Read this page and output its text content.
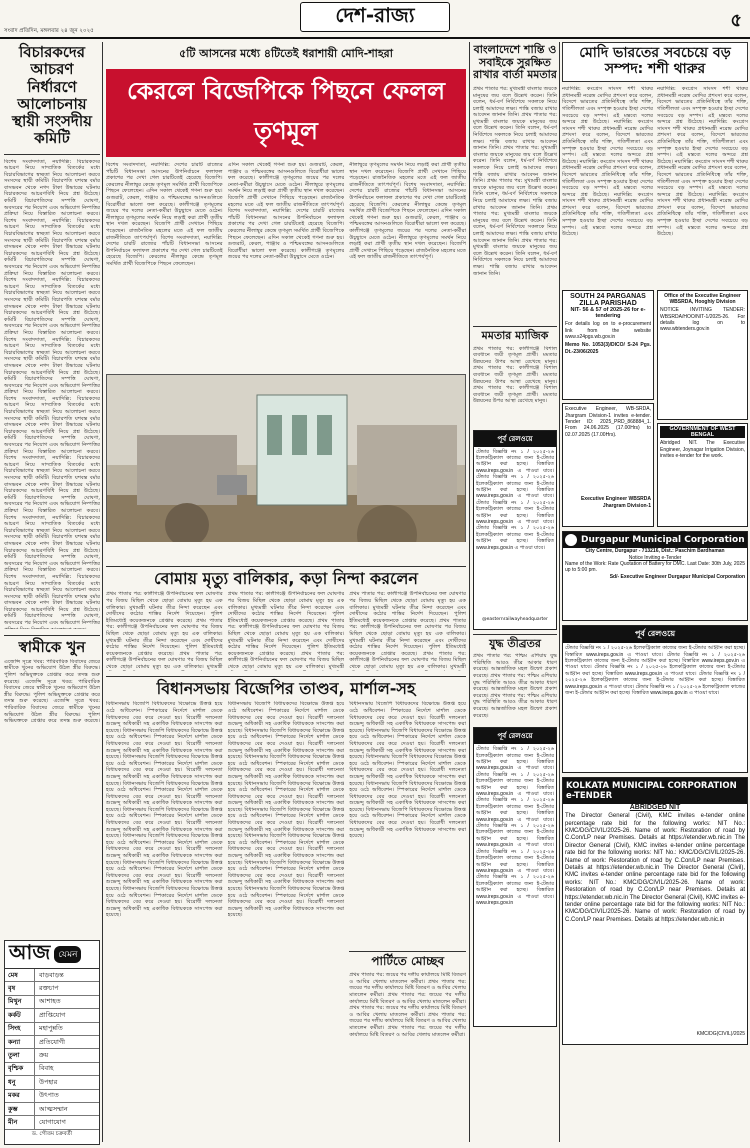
সংবাদ প্রতিদিন, মঙ্গলবার ২৪ জুন ২০২৫
দেশ-রাজ্য	৫
বিচারকদের আচরণ নির্ধারণে আলোচনায় স্থায়ী সংসদীয় কমিটি
বিশেষ সংবাদদাতা, নয়াদিল্লি: বিচারকদের আচরণ নিয়ে সাম্প্রতিক বিতর্কের মধ্যে বিচারবিভাগের স্বচ্ছতা নিয়ে আলোচনা করবে সংসদের স্থায়ী কমিটি। বিচারপতি যশবন্ত বর্মার বাসভবন থেকে নগদ টাকা উদ্ধারের ঘটনায় বিচারকদের আচরণবিধি নিয়ে প্রশ্ন উঠেছে। কমিটি বিচারপতিদের সম্পত্তি ঘোষণা, অবসরের পর নিয়োগ এবং অভিযোগ নিষ্পত্তির প্রক্রিয়া নিয়ে বিস্তারিত আলোচনা করবে। বিশেষ সংবাদদাতা, নয়াদিল্লি: বিচারকদের আচরণ নিয়ে সাম্প্রতিক বিতর্কের মধ্যে বিচারবিভাগের স্বচ্ছতা নিয়ে আলোচনা করবে সংসদের স্থায়ী কমিটি। বিচারপতি যশবন্ত বর্মার বাসভবন থেকে নগদ টাকা উদ্ধারের ঘটনায় বিচারকদের আচরণবিধি নিয়ে প্রশ্ন উঠেছে। কমিটি বিচারপতিদের সম্পত্তি ঘোষণা, অবসরের পর নিয়োগ এবং অভিযোগ নিষ্পত্তির প্রক্রিয়া নিয়ে বিস্তারিত আলোচনা করবে। বিশেষ সংবাদদাতা, নয়াদিল্লি: বিচারকদের আচরণ নিয়ে সাম্প্রতিক বিতর্কের মধ্যে বিচারবিভাগের স্বচ্ছতা নিয়ে আলোচনা করবে সংসদের স্থায়ী কমিটি। বিচারপতি যশবন্ত বর্মার বাসভবন থেকে নগদ টাকা উদ্ধারের ঘটনায় বিচারকদের আচরণবিধি নিয়ে প্রশ্ন উঠেছে। কমিটি বিচারপতিদের সম্পত্তি ঘোষণা, অবসরের পর নিয়োগ এবং অভিযোগ নিষ্পত্তির প্রক্রিয়া নিয়ে বিস্তারিত আলোচনা করবে। বিশেষ সংবাদদাতা, নয়াদিল্লি: বিচারকদের আচরণ নিয়ে সাম্প্রতিক বিতর্কের মধ্যে বিচারবিভাগের স্বচ্ছতা নিয়ে আলোচনা করবে সংসদের স্থায়ী কমিটি। বিচারপতি যশবন্ত বর্মার বাসভবন থেকে নগদ টাকা উদ্ধারের ঘটনায় বিচারকদের আচরণবিধি নিয়ে প্রশ্ন উঠেছে। কমিটি বিচারপতিদের সম্পত্তি ঘোষণা, অবসরের পর নিয়োগ এবং অভিযোগ নিষ্পত্তির প্রক্রিয়া নিয়ে বিস্তারিত আলোচনা করবে। বিশেষ সংবাদদাতা, নয়াদিল্লি: বিচারকদের আচরণ নিয়ে সাম্প্রতিক বিতর্কের মধ্যে বিচারবিভাগের স্বচ্ছতা নিয়ে আলোচনা করবে সংসদের স্থায়ী কমিটি। বিচারপতি যশবন্ত বর্মার বাসভবন থেকে নগদ টাকা উদ্ধারের ঘটনায় বিচারকদের আচরণবিধি নিয়ে প্রশ্ন উঠেছে। কমিটি বিচারপতিদের সম্পত্তি ঘোষণা, অবসরের পর নিয়োগ এবং অভিযোগ নিষ্পত্তির প্রক্রিয়া নিয়ে বিস্তারিত আলোচনা করবে। বিশেষ সংবাদদাতা, নয়াদিল্লি: বিচারকদের আচরণ নিয়ে সাম্প্রতিক বিতর্কের মধ্যে বিচারবিভাগের স্বচ্ছতা নিয়ে আলোচনা করবে সংসদের স্থায়ী কমিটি। বিচারপতি যশবন্ত বর্মার বাসভবন থেকে নগদ টাকা উদ্ধারের ঘটনায় বিচারকদের আচরণবিধি নিয়ে প্রশ্ন উঠেছে। কমিটি বিচারপতিদের সম্পত্তি ঘোষণা, অবসরের পর নিয়োগ এবং অভিযোগ নিষ্পত্তির প্রক্রিয়া নিয়ে বিস্তারিত আলোচনা করবে। বিশেষ সংবাদদাতা, নয়াদিল্লি: বিচারকদের আচরণ নিয়ে সাম্প্রতিক বিতর্কের মধ্যে বিচারবিভাগের স্বচ্ছতা নিয়ে আলোচনা করবে সংসদের স্থায়ী কমিটি। বিচারপতি যশবন্ত বর্মার বাসভবন থেকে নগদ টাকা উদ্ধারের ঘটনায় বিচারকদের আচরণবিধি নিয়ে প্রশ্ন উঠেছে। কমিটি বিচারপতিদের সম্পত্তি ঘোষণা, অবসরের পর নিয়োগ এবং অভিযোগ নিষ্পত্তির প্রক্রিয়া নিয়ে বিস্তারিত আলোচনা করবে। বিশেষ সংবাদদাতা, নয়াদিল্লি: বিচারকদের আচরণ নিয়ে সাম্প্রতিক বিতর্কের মধ্যে বিচারবিভাগের স্বচ্ছতা নিয়ে আলোচনা করবে সংসদের স্থায়ী কমিটি। বিচারপতি যশবন্ত বর্মার বাসভবন থেকে নগদ টাকা উদ্ধারের ঘটনায় বিচারকদের আচরণবিধি নিয়ে প্রশ্ন উঠেছে। কমিটি বিচারপতিদের সম্পত্তি ঘোষণা, অবসরের পর নিয়োগ এবং অভিযোগ নিষ্পত্তির
স্বামীকে খুন
এজেন্সি সূত্রে খবর: পারিবারিক বিবাদের জেরে স্বামীকে খুনের অভিযোগ উঠল স্ত্রীর বিরুদ্ধে। পুলিশ অভিযুক্তকে গ্রেপ্তার করে তদন্ত শুরু করেছে। এজেন্সি সূত্রে খবর: পারিবারিক বিবাদের জেরে স্বামীকে খুনের অভিযোগ উঠল স্ত্রীর বিরুদ্ধে। পুলিশ অভিযুক্তকে গ্রেপ্তার করে তদন্ত শুরু করেছে। এজেন্সি সূত্রে খবর: পারিবারিক বিবাদের জেরে স্বামীকে খুনের অভিযোগ উঠল স্ত্রীর বিরুদ্ধে। পুলিশ অভিযুক্তকে গ্রেপ্তার করে তদন্ত শুরু করেছে।
আজ যেমন
মেষ	বাড়বাড়ন্ত
বৃষ	রক্তচাপ
মিথুন	আশাহত
কর্কট	প্রাপ্তিযোগ
সিংহ	মহাপুন্নতি
কন্যা	প্রতিযোগী
তুলা	ক্রয়
বৃশ্চিক	বিবাহ
ধনু	উপহার
মকর	উৎপাত
কুম্ভ	আত্মসম্মান
মীন	যোগাযোগ
ড. গৌতম চক্রবর্তী
৫টি আসনের মধ্যে ৪টিতেই ধরাশায়ী মোদি-শাহরা
কেরলে বিজেপিকে পিছনে ফেলল তৃণমূল
বিশেষ সংবাদদাতা, নয়াদিল্লি: দেশের চারটি রাজ্যের পাঁচটি বিধানসভা আসনের উপনির্বাচনে ফলাফল প্রকাশের পর দেখা গেল চারটিতেই হেরেছে বিজেপি। কেরলের নীলাম্বুর কেন্দ্রে তৃণমূল সমর্থিত প্রার্থী বিজেপিকে পিছনে ফেলেছেন। এদিন সকাল থেকেই গণনা শুরু হয়। গুজরাট, কেরল, পাঞ্জাব ও পশ্চিমবঙ্গের আসনগুলিতে বিরোধীরা ভালো ফল করেছে। কালীগঞ্জে তৃণমূলের জয়ের পর দলের নেতা-কর্মীরা উচ্ছ্বাসে মেতে ওঠেন। নীলাম্বুরে তৃণমূলের সমর্থন নিয়ে লড়াই করা প্রার্থী তৃতীয় স্থান দখল করেছেন। বিজেপি প্রার্থী সেখানে পিছিয়ে পড়েছেন। রাজনৈতিক মহলের মতে এই ফল জাতীয় রাজনীতিতে তাৎপর্যপূর্ণ। বিশেষ সংবাদদাতা, নয়াদিল্লি: দেশের চারটি রাজ্যের পাঁচটি বিধানসভা আসনের উপনির্বাচনে ফলাফল প্রকাশের পর দেখা গেল চারটিতেই হেরেছে বিজেপি। কেরলের নীলাম্বুর কেন্দ্রে তৃণমূল সমর্থিত প্রার্থী বিজেপিকে পিছনে ফেলেছেন।
এদিন সকাল থেকেই গণনা শুরু হয়। গুজরাট, কেরল, পাঞ্জাব ও পশ্চিমবঙ্গের আসনগুলিতে বিরোধীরা ভালো ফল করেছে। কালীগঞ্জে তৃণমূলের জয়ের পর দলের নেতা-কর্মীরা উচ্ছ্বাসে মেতে ওঠেন। নীলাম্বুরে তৃণমূলের সমর্থন নিয়ে লড়াই করা প্রার্থী তৃতীয় স্থান দখল করেছেন। বিজেপি প্রার্থী সেখানে পিছিয়ে পড়েছেন। রাজনৈতিক মহলের মতে এই ফল জাতীয় রাজনীতিতে তাৎপর্যপূর্ণ। বিশেষ সংবাদদাতা, নয়াদিল্লি: দেশের চারটি রাজ্যের পাঁচটি বিধানসভা আসনের উপনির্বাচনে ফলাফল প্রকাশের পর দেখা গেল চারটিতেই হেরেছে বিজেপি। কেরলের নীলাম্বুর কেন্দ্রে তৃণমূল সমর্থিত প্রার্থী বিজেপিকে পিছনে ফেলেছেন। এদিন সকাল থেকেই গণনা শুরু হয়। গুজরাট, কেরল, পাঞ্জাব ও পশ্চিমবঙ্গের আসনগুলিতে বিরোধীরা ভালো ফল করেছে। কালীগঞ্জে তৃণমূলের জয়ের পর দলের নেতা-কর্মীরা উচ্ছ্বাসে মেতে ওঠেন।
নীলাম্বুরে তৃণমূলের সমর্থন নিয়ে লড়াই করা প্রার্থী তৃতীয় স্থান দখল করেছেন। বিজেপি প্রার্থী সেখানে পিছিয়ে পড়েছেন। রাজনৈতিক মহলের মতে এই ফল জাতীয় রাজনীতিতে তাৎপর্যপূর্ণ। বিশেষ সংবাদদাতা, নয়াদিল্লি: দেশের চারটি রাজ্যের পাঁচটি বিধানসভা আসনের উপনির্বাচনে ফলাফল প্রকাশের পর দেখা গেল চারটিতেই হেরেছে বিজেপি। কেরলের নীলাম্বুর কেন্দ্রে তৃণমূল সমর্থিত প্রার্থী বিজেপিকে পিছনে ফেলেছেন। এদিন সকাল থেকেই গণনা শুরু হয়। গুজরাট, কেরল, পাঞ্জাব ও পশ্চিমবঙ্গের আসনগুলিতে বিরোধীরা ভালো ফল করেছে। কালীগঞ্জে তৃণমূলের জয়ের পর দলের নেতা-কর্মীরা উচ্ছ্বাসে মেতে ওঠেন। নীলাম্বুরে তৃণমূলের সমর্থন নিয়ে লড়াই করা প্রার্থী তৃতীয় স্থান দখল করেছেন। বিজেপি প্রার্থী সেখানে পিছিয়ে পড়েছেন। রাজনৈতিক মহলের মতে এই ফল জাতীয় রাজনীতিতে তাৎপর্যপূর্ণ।
বোমায় মৃত্যু বালিকার, কড়া নিন্দা করলেন
প্রথম পাতার পর: কালীগঞ্জে উপনির্বাচনের ফল ঘোষণার পর বিজয় মিছিল থেকে ছোড়া বোমায় মৃত্যু হয় এক বালিকার। মুখ্যমন্ত্রী ঘটনার তীব্র নিন্দা করেছেন এবং দোষীদের কঠোর শাস্তির নির্দেশ দিয়েছেন। পুলিশ ইতিমধ্যেই কয়েকজনকে গ্রেপ্তার করেছে। প্রথম পাতার পর: কালীগঞ্জে উপনির্বাচনের ফল ঘোষণার পর বিজয় মিছিল থেকে ছোড়া বোমায় মৃত্যু হয় এক বালিকার। মুখ্যমন্ত্রী ঘটনার তীব্র নিন্দা করেছেন এবং দোষীদের কঠোর শাস্তির নির্দেশ দিয়েছেন। পুলিশ ইতিমধ্যেই কয়েকজনকে গ্রেপ্তার করেছে। প্রথম পাতার পর: কালীগঞ্জে উপনির্বাচনের ফল ঘোষণার পর বিজয় মিছিল থেকে ছোড়া বোমায় মৃত্যু হয় এক বালিকার। মুখ্যমন্ত্রী
প্রথম পাতার পর: কালীগঞ্জে উপনির্বাচনের ফল ঘোষণার পর বিজয় মিছিল থেকে ছোড়া বোমায় মৃত্যু হয় এক বালিকার। মুখ্যমন্ত্রী ঘটনার তীব্র নিন্দা করেছেন এবং দোষীদের কঠোর শাস্তির নির্দেশ দিয়েছেন। পুলিশ ইতিমধ্যেই কয়েকজনকে গ্রেপ্তার করেছে। প্রথম পাতার পর: কালীগঞ্জে উপনির্বাচনের ফল ঘোষণার পর বিজয় মিছিল থেকে ছোড়া বোমায় মৃত্যু হয় এক বালিকার। মুখ্যমন্ত্রী ঘটনার তীব্র নিন্দা করেছেন এবং দোষীদের কঠোর শাস্তির নির্দেশ দিয়েছেন। পুলিশ ইতিমধ্যেই কয়েকজনকে গ্রেপ্তার করেছে। প্রথম পাতার পর: কালীগঞ্জে উপনির্বাচনের ফল ঘোষণার পর বিজয় মিছিল থেকে ছোড়া বোমায় মৃত্যু হয় এক বালিকার। মুখ্যমন্ত্রী
প্রথম পাতার পর: কালীগঞ্জে উপনির্বাচনের ফল ঘোষণার পর বিজয় মিছিল থেকে ছোড়া বোমায় মৃত্যু হয় এক বালিকার। মুখ্যমন্ত্রী ঘটনার তীব্র নিন্দা করেছেন এবং দোষীদের কঠোর শাস্তির নির্দেশ দিয়েছেন। পুলিশ ইতিমধ্যেই কয়েকজনকে গ্রেপ্তার করেছে। প্রথম পাতার পর: কালীগঞ্জে উপনির্বাচনের ফল ঘোষণার পর বিজয় মিছিল থেকে ছোড়া বোমায় মৃত্যু হয় এক বালিকার। মুখ্যমন্ত্রী ঘটনার তীব্র নিন্দা করেছেন এবং দোষীদের কঠোর শাস্তির নির্দেশ দিয়েছেন। পুলিশ ইতিমধ্যেই কয়েকজনকে গ্রেপ্তার করেছে। প্রথম পাতার পর: কালীগঞ্জে উপনির্বাচনের ফল ঘোষণার পর বিজয় মিছিল থেকে ছোড়া বোমায় মৃত্যু হয় এক বালিকার। মুখ্যমন্ত্রী
বিধানসভায় বিজেপির তাণ্ডব, মার্শাল-সহ
বিধানসভায় বিজেপি বিধায়কদের বিক্ষোভে উত্তপ্ত হয়ে ওঠে অধিবেশন। স্পিকারের নির্দেশে মার্শাল ডেকে বিধায়কদের বের করে দেওয়া হয়। বিরোধী দলনেতা শুভেন্দু অধিকারী সহ একাধিক বিধায়ককে সাসপেন্ড করা হয়েছে। বিধানসভায় বিজেপি বিধায়কদের বিক্ষোভে উত্তপ্ত হয়ে ওঠে অধিবেশন। স্পিকারের নির্দেশে মার্শাল ডেকে বিধায়কদের বের করে দেওয়া হয়। বিরোধী দলনেতা শুভেন্দু অধিকারী সহ একাধিক বিধায়ককে সাসপেন্ড করা হয়েছে। বিধানসভায় বিজেপি বিধায়কদের বিক্ষোভে উত্তপ্ত হয়ে ওঠে অধিবেশন। স্পিকারের নির্দেশে মার্শাল ডেকে বিধায়কদের বের করে দেওয়া হয়। বিরোধী দলনেতা শুভেন্দু অধিকারী সহ একাধিক বিধায়ককে সাসপেন্ড করা হয়েছে। বিধানসভায় বিজেপি বিধায়কদের বিক্ষোভে উত্তপ্ত হয়ে ওঠে অধিবেশন। স্পিকারের নির্দেশে মার্শাল ডেকে বিধায়কদের বের করে দেওয়া হয়। বিরোধী দলনেতা শুভেন্দু অধিকারী সহ একাধিক বিধায়ককে সাসপেন্ড করা হয়েছে। বিধানসভায় বিজেপি বিধায়কদের বিক্ষোভে উত্তপ্ত হয়ে ওঠে অধিবেশন। স্পিকারের নির্দেশে মার্শাল ডেকে বিধায়কদের বের করে দেওয়া হয়। বিরোধী দলনেতা শুভেন্দু অধিকারী সহ একাধিক বিধায়ককে সাসপেন্ড করা হয়েছে। বিধানসভায় বিজেপি বিধায়কদের বিক্ষোভে উত্তপ্ত হয়ে ওঠে অধিবেশন। স্পিকারের নির্দেশে মার্শাল ডেকে বিধায়কদের বের করে দেওয়া হয়। বিরোধী দলনেতা শুভেন্দু অধিকারী সহ একাধিক বিধায়ককে সাসপেন্ড করা হয়েছে। বিধানসভায় বিজেপি বিধায়কদের বিক্ষোভে উত্তপ্ত হয়ে ওঠে অধিবেশন। স্পিকারের নির্দেশে মার্শাল ডেকে বিধায়কদের বের করে দেওয়া হয়। বিরোধী দলনেতা শুভেন্দু অধিকারী সহ একাধিক বিধায়ককে সাসপেন্ড করা হয়েছে। বিধানসভায় বিজেপি বিধায়কদের বিক্ষোভে উত্তপ্ত হয়ে ওঠে অধিবেশন। স্পিকারের নির্দেশে মার্শাল ডেকে বিধায়কদের বের করে দেওয়া হয়। বিরোধী দলনেতা শুভেন্দু অধিকারী সহ একাধিক বিধায়ককে সাসপেন্ড করা হয়েছে।
বিধানসভায় বিজেপি বিধায়কদের বিক্ষোভে উত্তপ্ত হয়ে ওঠে অধিবেশন। স্পিকারের নির্দেশে মার্শাল ডেকে বিধায়কদের বের করে দেওয়া হয়। বিরোধী দলনেতা শুভেন্দু অধিকারী সহ একাধিক বিধায়ককে সাসপেন্ড করা হয়েছে। বিধানসভায় বিজেপি বিধায়কদের বিক্ষোভে উত্তপ্ত হয়ে ওঠে অধিবেশন। স্পিকারের নির্দেশে মার্শাল ডেকে বিধায়কদের বের করে দেওয়া হয়। বিরোধী দলনেতা শুভেন্দু অধিকারী সহ একাধিক বিধায়ককে সাসপেন্ড করা হয়েছে। বিধানসভায় বিজেপি বিধায়কদের বিক্ষোভে উত্তপ্ত হয়ে ওঠে অধিবেশন। স্পিকারের নির্দেশে মার্শাল ডেকে বিধায়কদের বের করে দেওয়া হয়। বিরোধী দলনেতা শুভেন্দু অধিকারী সহ একাধিক বিধায়ককে সাসপেন্ড করা হয়েছে। বিধানসভায় বিজেপি বিধায়কদের বিক্ষোভে উত্তপ্ত হয়ে ওঠে অধিবেশন। স্পিকারের নির্দেশে মার্শাল ডেকে বিধায়কদের বের করে দেওয়া হয়। বিরোধী দলনেতা শুভেন্দু অধিকারী সহ একাধিক বিধায়ককে সাসপেন্ড করা হয়েছে। বিধানসভায় বিজেপি বিধায়কদের বিক্ষোভে উত্তপ্ত হয়ে ওঠে অধিবেশন। স্পিকারের নির্দেশে মার্শাল ডেকে বিধায়কদের বের করে দেওয়া হয়। বিরোধী দলনেতা শুভেন্দু অধিকারী সহ একাধিক বিধায়ককে সাসপেন্ড করা হয়েছে। বিধানসভায় বিজেপি বিধায়কদের বিক্ষোভে উত্তপ্ত হয়ে ওঠে অধিবেশন। স্পিকারের নির্দেশে মার্শাল ডেকে বিধায়কদের বের করে দেওয়া হয়। বিরোধী দলনেতা শুভেন্দু অধিকারী সহ একাধিক বিধায়ককে সাসপেন্ড করা হয়েছে। বিধানসভায় বিজেপি বিধায়কদের বিক্ষোভে উত্তপ্ত হয়ে ওঠে অধিবেশন। স্পিকারের নির্দেশে মার্শাল ডেকে বিধায়কদের বের করে দেওয়া হয়। বিরোধী দলনেতা শুভেন্দু অধিকারী সহ একাধিক বিধায়ককে সাসপেন্ড করা হয়েছে। বিধানসভায় বিজেপি বিধায়কদের বিক্ষোভে উত্তপ্ত হয়ে ওঠে অধিবেশন। স্পিকারের নির্দেশে মার্শাল ডেকে বিধায়কদের বের করে দেওয়া হয়। বিরোধী দলনেতা শুভেন্দু অধিকারী সহ একাধিক বিধায়ককে সাসপেন্ড করা হয়েছে।
বিধানসভায় বিজেপি বিধায়কদের বিক্ষোভে উত্তপ্ত হয়ে ওঠে অধিবেশন। স্পিকারের নির্দেশে মার্শাল ডেকে বিধায়কদের বের করে দেওয়া হয়। বিরোধী দলনেতা শুভেন্দু অধিকারী সহ একাধিক বিধায়ককে সাসপেন্ড করা হয়েছে। বিধানসভায় বিজেপি বিধায়কদের বিক্ষোভে উত্তপ্ত হয়ে ওঠে অধিবেশন। স্পিকারের নির্দেশে মার্শাল ডেকে বিধায়কদের বের করে দেওয়া হয়। বিরোধী দলনেতা শুভেন্দু অধিকারী সহ একাধিক বিধায়ককে সাসপেন্ড করা হয়েছে। বিধানসভায় বিজেপি বিধায়কদের বিক্ষোভে উত্তপ্ত হয়ে ওঠে অধিবেশন। স্পিকারের নির্দেশে মার্শাল ডেকে বিধায়কদের বের করে দেওয়া হয়। বিরোধী দলনেতা শুভেন্দু অধিকারী সহ একাধিক বিধায়ককে সাসপেন্ড করা হয়েছে। বিধানসভায় বিজেপি বিধায়কদের বিক্ষোভে উত্তপ্ত হয়ে ওঠে অধিবেশন। স্পিকারের নির্দেশে মার্শাল ডেকে বিধায়কদের বের করে দেওয়া হয়। বিরোধী দলনেতা শুভেন্দু অধিকারী সহ একাধিক বিধায়ককে সাসপেন্ড করা হয়েছে। বিধানসভায় বিজেপি বিধায়কদের বিক্ষোভে উত্তপ্ত হয়ে ওঠে অধিবেশন। স্পিকারের নির্দেশে মার্শাল ডেকে বিধায়কদের বের করে দেওয়া হয়। বিরোধী দলনেতা শুভেন্দু অধিকারী সহ একাধিক বিধায়ককে সাসপেন্ড করা হয়েছে।
পার্টিতে মোচ্ছব
প্রথম পাতার পর: জয়ের পর দলীয় কার্যালয়ে মিষ্টি বিতরণ ও আবির খেলায় মাতলেন কর্মীরা। প্রথম পাতার পর: জয়ের পর দলীয় কার্যালয়ে মিষ্টি বিতরণ ও আবির খেলায় মাতলেন কর্মীরা। প্রথম পাতার পর: জয়ের পর দলীয় কার্যালয়ে মিষ্টি বিতরণ ও আবির খেলায় মাতলেন কর্মীরা। প্রথম পাতার পর: জয়ের পর দলীয় কার্যালয়ে মিষ্টি বিতরণ ও আবির খেলায় মাতলেন কর্মীরা। প্রথম পাতার পর: জয়ের পর দলীয় কার্যালয়ে মিষ্টি বিতরণ ও আবির খেলায় মাতলেন কর্মীরা। প্রথম পাতার পর: জয়ের পর দলীয় কার্যালয়ে মিষ্টি বিতরণ ও আবির খেলায় মাতলেন কর্মীরা।
বাংলাদেশে শান্তি ও সবাইকে সুরক্ষিত রাখার বার্তা মমতার
প্রথম পাতার পর: মুখ্যমন্ত্রী বাংলার জয়কে মানুষের জয় বলে উল্লেখ করেন। তিনি বলেন, ধর্ম-বর্ণ নির্বিশেষে সকলকে নিয়ে চলাই আমাদের লক্ষ্য। শান্তি বজায় রাখার আবেদন জানান তিনি। প্রথম পাতার পর: মুখ্যমন্ত্রী বাংলার জয়কে মানুষের জয় বলে উল্লেখ করেন। তিনি বলেন, ধর্ম-বর্ণ নির্বিশেষে সকলকে নিয়ে চলাই আমাদের লক্ষ্য। শান্তি বজায় রাখার আবেদন জানান তিনি। প্রথম পাতার পর: মুখ্যমন্ত্রী বাংলার জয়কে মানুষের জয় বলে উল্লেখ করেন। তিনি বলেন, ধর্ম-বর্ণ নির্বিশেষে সকলকে নিয়ে চলাই আমাদের লক্ষ্য। শান্তি বজায় রাখার আবেদন জানান তিনি। প্রথম পাতার পর: মুখ্যমন্ত্রী বাংলার জয়কে মানুষের জয় বলে উল্লেখ করেন। তিনি বলেন, ধর্ম-বর্ণ নির্বিশেষে সকলকে নিয়ে চলাই আমাদের লক্ষ্য। শান্তি বজায় রাখার আবেদন জানান তিনি। প্রথম পাতার পর: মুখ্যমন্ত্রী বাংলার জয়কে মানুষের জয় বলে উল্লেখ করেন। তিনি বলেন, ধর্ম-বর্ণ নির্বিশেষে সকলকে নিয়ে চলাই আমাদের লক্ষ্য। শান্তি বজায় রাখার আবেদন জানান তিনি। প্রথম পাতার পর: মুখ্যমন্ত্রী বাংলার জয়কে মানুষের জয় বলে উল্লেখ করেন। তিনি বলেন, ধর্ম-বর্ণ নির্বিশেষে সকলকে নিয়ে চলাই আমাদের লক্ষ্য। শান্তি বজায় রাখার আবেদন জানান তিনি।
মমতার ম্যাজিক
প্রথম পাতার পর: কালীগঞ্জে বিশাল ব্যবধানে জয়ী তৃণমূল প্রার্থী। মমতার উন্নয়নের উপর আস্থা রেখেছে মানুষ। প্রথম পাতার পর: কালীগঞ্জে বিশাল ব্যবধানে জয়ী তৃণমূল প্রার্থী। মমতার উন্নয়নের উপর আস্থা রেখেছে মানুষ। প্রথম পাতার পর: কালীগঞ্জে বিশাল ব্যবধানে জয়ী তৃণমূল প্রার্থী। মমতার উন্নয়নের উপর আস্থা রেখেছে মানুষ।
পূর্ব রেলওয়ে
টেন্ডার বিজ্ঞপ্তি নং ১ / ২০২৫-২৬ ইলেকট্রিক্যাল কাজের জন্য ই-টেন্ডার আহ্বান করা হচ্ছে। বিস্তারিত www.ireps.gov.in এ পাওয়া যাবে। টেন্ডার বিজ্ঞপ্তি নং ১ / ২০২৫-২৬ ইলেকট্রিক্যাল কাজের জন্য ই-টেন্ডার আহ্বান করা হচ্ছে। বিস্তারিত www.ireps.gov.in এ পাওয়া যাবে। টেন্ডার বিজ্ঞপ্তি নং ১ / ২০২৫-২৬ ইলেকট্রিক্যাল কাজের জন্য ই-টেন্ডার আহ্বান করা হচ্ছে। বিস্তারিত www.ireps.gov.in এ পাওয়া যাবে। টেন্ডার বিজ্ঞপ্তি নং ১ / ২০২৫-২৬ ইলেকট্রিক্যাল কাজের জন্য ই-টেন্ডার আহ্বান করা হচ্ছে। বিস্তারিত www.ireps.gov.in এ পাওয়া যাবে।
@easternrailwayheadquarter
যুদ্ধ তীব্রতর
প্রথম পাতার পর: পশ্চিম এশিয়ায় যুদ্ধ পরিস্থিতি আরও তীব্র আকার ধারণ করেছে। আন্তর্জাতিক মহল উদ্বেগ প্রকাশ করেছে। প্রথম পাতার পর: পশ্চিম এশিয়ায় যুদ্ধ পরিস্থিতি আরও তীব্র আকার ধারণ করেছে। আন্তর্জাতিক মহল উদ্বেগ প্রকাশ করেছে। প্রথম পাতার পর: পশ্চিম এশিয়ায় যুদ্ধ পরিস্থিতি আরও তীব্র আকার ধারণ করেছে। আন্তর্জাতিক মহল উদ্বেগ প্রকাশ করেছে।
পূর্ব রেলওয়ে
টেন্ডার বিজ্ঞপ্তি নং ১ / ২০২৫-২৬ ইলেকট্রিক্যাল কাজের জন্য ই-টেন্ডার আহ্বান করা হচ্ছে। বিস্তারিত www.ireps.gov.in এ পাওয়া যাবে। টেন্ডার বিজ্ঞপ্তি নং ১ / ২০২৫-২৬ ইলেকট্রিক্যাল কাজের জন্য ই-টেন্ডার আহ্বান করা হচ্ছে। বিস্তারিত www.ireps.gov.in এ পাওয়া যাবে। টেন্ডার বিজ্ঞপ্তি নং ১ / ২০২৫-২৬ ইলেকট্রিক্যাল কাজের জন্য ই-টেন্ডার আহ্বান করা হচ্ছে। বিস্তারিত www.ireps.gov.in এ পাওয়া যাবে। টেন্ডার বিজ্ঞপ্তি নং ১ / ২০২৫-২৬ ইলেকট্রিক্যাল কাজের জন্য ই-টেন্ডার আহ্বান করা হচ্ছে। বিস্তারিত www.ireps.gov.in এ পাওয়া যাবে। টেন্ডার বিজ্ঞপ্তি নং ১ / ২০২৫-২৬ ইলেকট্রিক্যাল কাজের জন্য ই-টেন্ডার আহ্বান করা হচ্ছে। বিস্তারিত www.ireps.gov.in এ পাওয়া যাবে। টেন্ডার বিজ্ঞপ্তি নং ১ / ২০২৫-২৬ ইলেকট্রিক্যাল কাজের জন্য ই-টেন্ডার আহ্বান করা হচ্ছে। বিস্তারিত www.ireps.gov.in এ পাওয়া যাবে। www.ireps.gov.in
মোদি ভারতের সবচেয়ে বড় সম্পদ: শশী থারুর
নয়াদিল্লি: কংগ্রেস সাংসদ শশী থারুর প্রধানমন্ত্রী নরেন্দ্র মোদির প্রশংসা করে বলেন, বিদেশে ভারতের প্রতিনিধিত্বে তাঁর শক্তি, গতিশীলতা এবং সম্পৃক্ত হওয়ার ইচ্ছা দেশের সবচেয়ে বড় সম্পদ। এই মন্তব্যে দলের অন্দরে প্রশ্ন উঠেছে। নয়াদিল্লি: কংগ্রেস সাংসদ শশী থারুর প্রধানমন্ত্রী নরেন্দ্র মোদির প্রশংসা করে বলেন, বিদেশে ভারতের প্রতিনিধিত্বে তাঁর শক্তি, গতিশীলতা এবং সম্পৃক্ত হওয়ার ইচ্ছা দেশের সবচেয়ে বড় সম্পদ। এই মন্তব্যে দলের অন্দরে প্রশ্ন উঠেছে। নয়াদিল্লি: কংগ্রেস সাংসদ শশী থারুর প্রধানমন্ত্রী নরেন্দ্র মোদির প্রশংসা করে বলেন, বিদেশে ভারতের প্রতিনিধিত্বে তাঁর শক্তি, গতিশীলতা এবং সম্পৃক্ত হওয়ার ইচ্ছা দেশের সবচেয়ে বড় সম্পদ। এই মন্তব্যে দলের অন্দরে প্রশ্ন উঠেছে। নয়াদিল্লি: কংগ্রেস সাংসদ শশী থারুর প্রধানমন্ত্রী নরেন্দ্র মোদির প্রশংসা করে বলেন, বিদেশে ভারতের প্রতিনিধিত্বে তাঁর শক্তি, গতিশীলতা এবং সম্পৃক্ত হওয়ার ইচ্ছা দেশের সবচেয়ে বড় সম্পদ। এই মন্তব্যে দলের অন্দরে প্রশ্ন উঠেছে।
নয়াদিল্লি: কংগ্রেস সাংসদ শশী থারুর প্রধানমন্ত্রী নরেন্দ্র মোদির প্রশংসা করে বলেন, বিদেশে ভারতের প্রতিনিধিত্বে তাঁর শক্তি, গতিশীলতা এবং সম্পৃক্ত হওয়ার ইচ্ছা দেশের সবচেয়ে বড় সম্পদ। এই মন্তব্যে দলের অন্দরে প্রশ্ন উঠেছে। নয়াদিল্লি: কংগ্রেস সাংসদ শশী থারুর প্রধানমন্ত্রী নরেন্দ্র মোদির প্রশংসা করে বলেন, বিদেশে ভারতের প্রতিনিধিত্বে তাঁর শক্তি, গতিশীলতা এবং সম্পৃক্ত হওয়ার ইচ্ছা দেশের সবচেয়ে বড় সম্পদ। এই মন্তব্যে দলের অন্দরে প্রশ্ন উঠেছে। নয়াদিল্লি: কংগ্রেস সাংসদ শশী থারুর প্রধানমন্ত্রী নরেন্দ্র মোদির প্রশংসা করে বলেন, বিদেশে ভারতের প্রতিনিধিত্বে তাঁর শক্তি, গতিশীলতা এবং সম্পৃক্ত হওয়ার ইচ্ছা দেশের সবচেয়ে বড় সম্পদ। এই মন্তব্যে দলের অন্দরে প্রশ্ন উঠেছে। নয়াদিল্লি: কংগ্রেস সাংসদ শশী থারুর প্রধানমন্ত্রী নরেন্দ্র মোদির প্রশংসা করে বলেন, বিদেশে ভারতের প্রতিনিধিত্বে তাঁর শক্তি, গতিশীলতা এবং সম্পৃক্ত হওয়ার ইচ্ছা দেশের সবচেয়ে বড় সম্পদ। এই মন্তব্যে দলের অন্দরে প্রশ্ন উঠেছে।
SOUTH 24 PARGANAS ZILLA PARISHAD
NIT- 56 & 57 of 2025-26 for e-tendering
For details log on to e-procurement link from the website www.s24pgs.wb.gov.in
Memo No. 1053(3)/DICO/ S-24 Pgs. Dt.-23/06/2025
Executive Engineer, WB-SRDA, Jhargram Division-1 invites e-tender. Tender ID: 2025_PRD_868884_1. From 24.06.2025 (17.00Hrs) to 02.07.2025 (17.00Hrs).
Executive Engineer WBSRDA Jhargram Division-1
Office of the Executive Engineer WBSRDA, Hooghly Division
NOTICE INVITING TENDER: WBSRDA/HOO/NIT-1/2025-26. For details log on to www.wbtenders.gov.in
GOVERNMENT OF WEST BENGAL
Abridged NIT. The Executive Engineer, Joynagar Irrigation Division, invites e-tender for the work.
Durgapur Municipal Corporation
City Centre, Durgapur - 713216, Dist.: Paschim Bardhaman
Notice Inviting e-Tender
Name of the Work: Rate Quotation of Battery for DMC. Last Date: 30th July, 2025 up to 5:00 pm.
Sd/- Executive Engineer Durgapur Municipal Corporation
পূর্ব রেলওয়ে
টেন্ডার বিজ্ঞপ্তি নং ১ / ২০২৫-২৬ ইলেকট্রিক্যাল কাজের জন্য ই-টেন্ডার আহ্বান করা হচ্ছে। বিস্তারিত www.ireps.gov.in এ পাওয়া যাবে। টেন্ডার বিজ্ঞপ্তি নং ১ / ২০২৫-২৬ ইলেকট্রিক্যাল কাজের জন্য ই-টেন্ডার আহ্বান করা হচ্ছে। বিস্তারিত www.ireps.gov.in এ পাওয়া যাবে। টেন্ডার বিজ্ঞপ্তি নং ১ / ২০২৫-২৬ ইলেকট্রিক্যাল কাজের জন্য ই-টেন্ডার আহ্বান করা হচ্ছে। বিস্তারিত www.ireps.gov.in এ পাওয়া যাবে। টেন্ডার বিজ্ঞপ্তি নং ১ / ২০২৫-২৬ ইলেকট্রিক্যাল কাজের জন্য ই-টেন্ডার আহ্বান করা হচ্ছে। বিস্তারিত www.ireps.gov.in এ পাওয়া যাবে। টেন্ডার বিজ্ঞপ্তি নং ১ / ২০২৫-২৬ ইলেকট্রিক্যাল কাজের জন্য ই-টেন্ডার আহ্বান করা হচ্ছে। বিস্তারিত www.ireps.gov.in এ পাওয়া যাবে।
KOLKATA MUNICIPAL CORPORATION e-TENDER
ABRIDGED NIT
The Director General (Civil), KMC invites e-tender online percentage rate bid for the following works: NIT No.: KMC/DG/CIVIL/2025-26. Name of work: Restoration of road by C.Con/LP near Premises. Details at https://etender.wb.nic.in The Director General (Civil), KMC invites e-tender online percentage rate bid for the following works: NIT No.: KMC/DG/CIVIL/2025-26. Name of work: Restoration of road by C.Con/LP near Premises. Details at https://etender.wb.nic.in The Director General (Civil), KMC invites e-tender online percentage rate bid for the following works: NIT No.: KMC/DG/CIVIL/2025-26. Name of work: Restoration of road by C.Con/LP near Premises. Details at https://etender.wb.nic.in The Director General (Civil), KMC invites e-tender online percentage rate bid for the following works: NIT No.: KMC/DG/CIVIL/2025-26. Name of work: Restoration of road by C.Con/LP near Premises. Details at https://etender.wb.nic.in
KMC/DG(CIVIL)/2025
